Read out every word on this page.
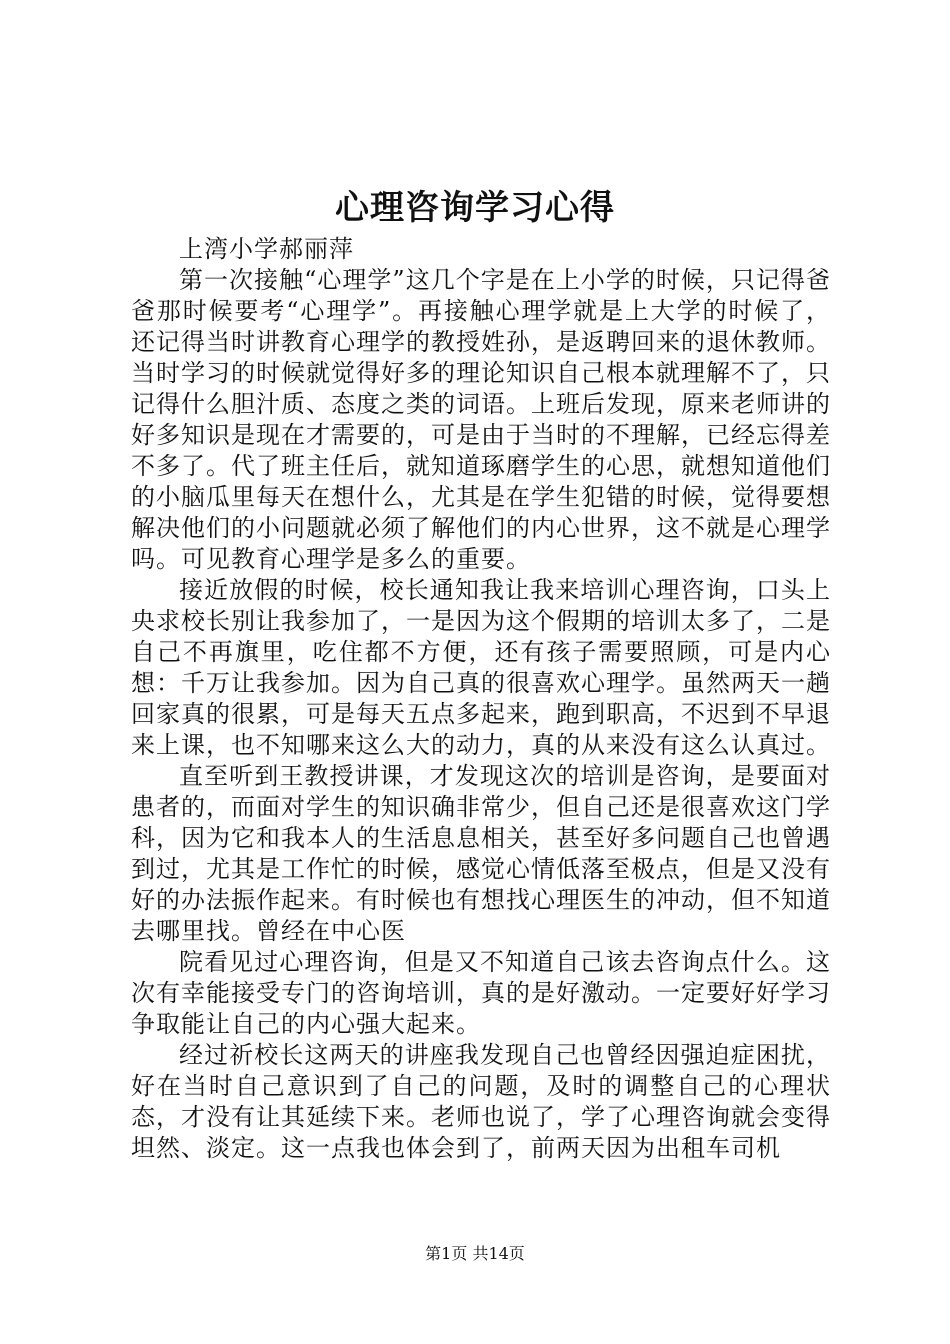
心理咨询学习心得

上湾小学郝丽萍

第一次接触“心理学”这几个字是在上小学的时候，只记得爸爸那时候要考“心理学”。再接触心理学就是上大学的时候了，还记得当时讲教育心理学的教授姓孙，是返聘回来的退休教师。当时学习的时候就觉得好多的理论知识自己根本就理解不了，只记得什么胆汁质、态度之类的词语。上班后发现，原来老师讲的好多知识是现在才需要的，可是由于当时的不理解，已经忘得差不多了。代了班主任后，就知道琢磨学生的心思，就想知道他们的小脑瓜里每天在想什么，尤其是在学生犯错的时候，觉得要想解决他们的小问题就必须了解他们的内心世界，这不就是心理学吗。可见教育心理学是多么的重要。

接近放假的时候，校长通知我让我来培训心理咨询，口头上央求校长别让我参加了，一是因为这个假期的培训太多了，二是自己不再旗里，吃住都不方便，还有孩子需要照顾，可是内心想：千万让我参加。因为自己真的很喜欢心理学。虽然两天一趟回家真的很累，可是每天五点多起来，跑到职高，不迟到不早退来上课，也不知哪来这么大的动力，真的从来没有这么认真过。

直至听到王教授讲课，才发现这次的培训是咨询，是要面对患者的，而面对学生的知识确非常少，但自己还是很喜欢这门学科，因为它和我本人的生活息息相关，甚至好多问题自己也曾遇到过，尤其是工作忙的时候，感觉心情低落至极点，但是又没有好的办法振作起来。有时候也有想找心理医生的冲动，但不知道去哪里找。曾经在中心医

院看见过心理咨询，但是又不知道自己该去咨询点什么。这次有幸能接受专门的咨询培训，真的是好激动。一定要好好学习争取能让自己的内心强大起来。

经过祈校长这两天的讲座我发现自己也曾经因强迫症困扰，好在当时自己意识到了自己的问题，及时的调整自己的心理状态，才没有让其延续下来。老师也说了，学了心理咨询就会变得坦然、淡定。这一点我也体会到了，前两天因为出租车司机

第1页 共14页
